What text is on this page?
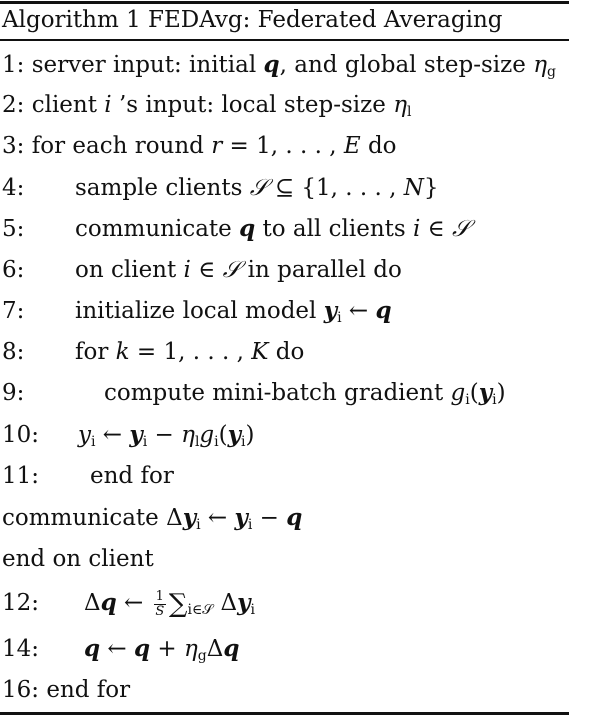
Algorithm 1 FEDAvg: Federated Averaging
1: server input: initial q, and global step-size $\eta_g$
2: client i ’s input: local step-size $\eta_l$
3: for each round r = 1, . . . , E do
4: sample clients 𝒮 ⊆ {1, . . . , N}
5: communicate q to all clients i ∈ 𝒮
6: on client i ∈ 𝒮 in parallel do
7: initialize local model $y_i$ ← q
8: for k = 1, . . . , K do
9:	compute mini-batch gradient $g_i(y_i)$
10: $y_i$ ← $y_i - \eta_lg_i(y_i)$
11: end for
communicate $\Delta y_i$ ← $y_i - q$
end on client
12: Δq ← $\frac{1}{S} \sum_{i\in 𝒮}$ $\Delta y_i$
14: q ← $q + \eta_g\Delta q$
16: end for
